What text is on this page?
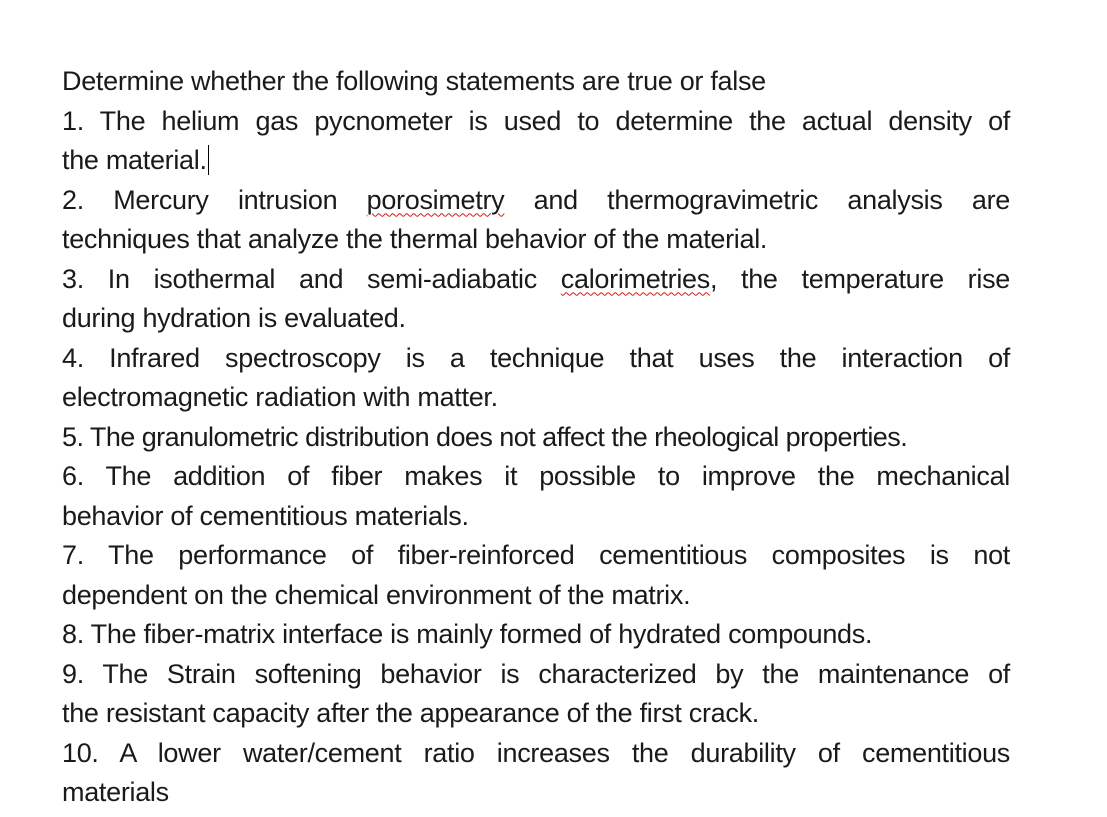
Determine whether the following statements are true or false
1. The helium gas pycnometer is used to determine the actual density of
the material.
2. Mercury intrusion porosimetry and thermogravimetric analysis are
techniques that analyze the thermal behavior of the material.
3. In isothermal and semi-adiabatic calorimetries, the temperature rise
during hydration is evaluated.
4. Infrared spectroscopy is a technique that uses the interaction of
electromagnetic radiation with matter.
5. The granulometric distribution does not affect the rheological properties.
6. The addition of fiber makes it possible to improve the mechanical
behavior of cementitious materials.
7. The performance of fiber-reinforced cementitious composites is not
dependent on the chemical environment of the matrix.
8. The fiber-matrix interface is mainly formed of hydrated compounds.
9. The Strain softening behavior is characterized by the maintenance of
the resistant capacity after the appearance of the first crack.
10. A lower water/cement ratio increases the durability of cementitious
materials
